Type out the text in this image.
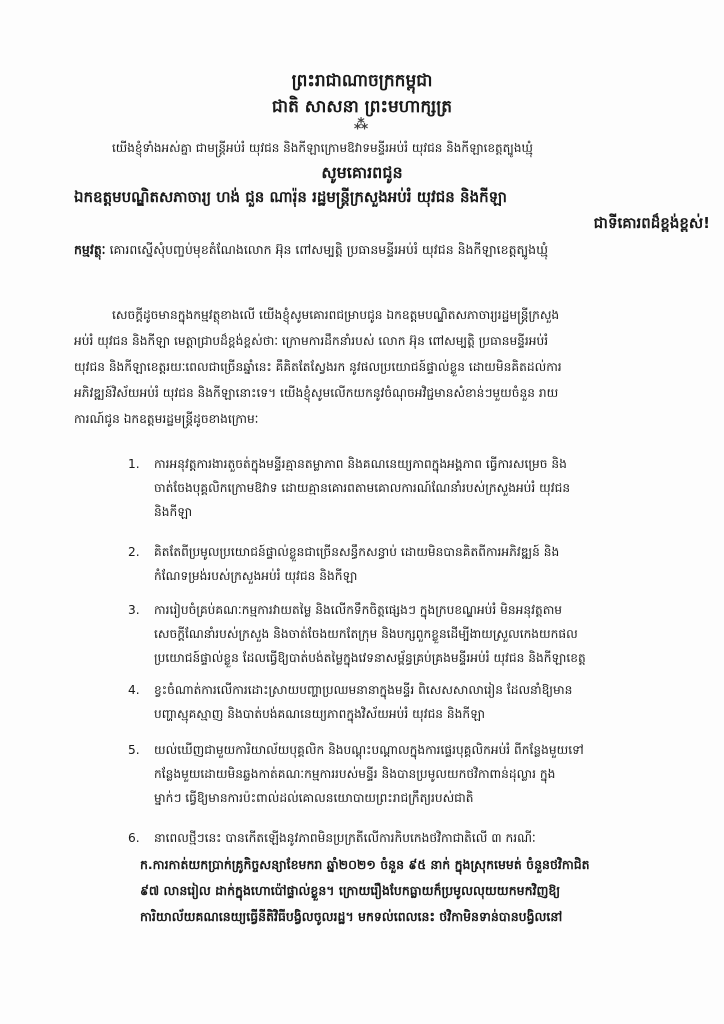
ព្រះរាជាណាចក្រកម្ពុជា
ជាតិ សាសនា ព្រះមហាក្សត្រ
⁂
យើងខ្ញុំទាំងអស់គ្នា ជាមន្ត្រីអប់រំ យុវជន និងកីឡាក្រោមឱវាទមន្ទីរអប់រំ យុវជន និងកីឡាខេត្តត្បូងឃ្មុំ
សូមគោរពជូន
ឯកឧត្តមបណ្ឌិតសភាចារ្យ ហង់ ជួន ណារ៉ុន រដ្ឋមន្ត្រីក្រសួងអប់រំ យុវជន និងកីឡា
ជាទីគោរពដ៏ខ្ពង់ខ្ពស់!
កម្មវត្ថុៈ គោរពស្នើសុំបញ្ចប់មុខតំណែងលោក អ៊ុន ពៅសម្បត្តិ ប្រធានមន្ទីរអប់រំ យុវជន និងកីឡាខេត្តត្បូងឃ្មុំ
សេចក្តីដូចមានក្នុងកម្មវត្ថុខាងលើ យើងខ្ញុំសូមគោរពជម្រាបជូន ឯកឧត្តមបណ្ឌិតសភាចារ្យរដ្ឋមន្ត្រីក្រសួង
អប់រំ យុវជន និងកីឡា មេត្តាជ្រាបដ៏ខ្ពង់ខ្ពស់ថាៈ ក្រោមការដឹកនាំរបស់ លោក អ៊ុន ពៅសម្បត្តិ ប្រធានមន្ទីរអប់រំ
យុវជន និងកីឡាខេត្តរយៈពេលជាច្រើនឆ្នាំនេះ គឺគិតតែស្វែងរក នូវផលប្រយោជន៍ផ្ទាល់ខ្លួន ដោយមិនគិតដល់ការ
អភិវឌ្ឍន៍វិស័យអប់រំ យុវជន និងកីឡានោះទេ។ យើងខ្ញុំសូមលើកយកនូវចំណុចអវិជ្ជមានសំខាន់ៗមួយចំនួន រាយ
ការណ៍ជូន ឯកឧត្តមរដ្ឋមន្ត្រីដូចខាងក្រោមៈ
1. ការអនុវត្តការងារតួចត់ក្នុងមន្ទីរគ្មានតម្លាភាព និងគណនេយ្យភាពក្នុងអង្គភាព ធ្វើការសម្រេច និង
ចាត់ចែងបុគ្គលិកក្រោមឱវាទ ដោយគ្មានគោរពតាមគោលការណ៍ណែនាំរបស់ក្រសួងអប់រំ យុវជន
និងកីឡា
2. គិតតែពីប្រមូលប្រយោជន៍ផ្ទាល់ខ្លួនជាច្រើនសន្ធឹកសន្ធាប់ ដោយមិនបានគិតពីការអភិវឌ្ឍន៍ និង
កំណែទម្រង់របស់ក្រសួងអប់រំ យុវជន និងកីឡា
3. ការរៀបចំគ្រប់គណៈកម្មការវាយតម្លៃ និងលើកទឹកចិត្តផ្សេងៗ ក្នុងក្របខណ្ឌអប់រំ មិនអនុវត្តតាម
សេចក្តីណែនាំរបស់ក្រសួង និងចាត់ចែងយកតែក្រុម និងបក្សពួកខ្លួនដើម្បីងាយស្រួលកេងយកផល
ប្រយោជន៍ផ្ទាល់ខ្លួន ដែលធ្វើឱ្យបាត់បង់តម្លៃក្នុងវេទនាសម្ព័ន្ធគ្រប់គ្រងមន្ទីរអប់រំ យុវជន និងកីឡាខេត្ត
4. ខ្វះចំណាត់ការលើការដោះស្រាយបញ្ហាប្រឈមនានាក្នុងមន្ទីរ ពិសេសសាលារៀន ដែលនាំឱ្យមាន
បញ្ហាស្មុគស្មាញ និងបាត់បង់គណនេយ្យភាពក្នុងវិស័យអប់រំ យុវជន និងកីឡា
5. យល់ឃើញជាមួយការិយាល័យបុគ្គលិក និងបណ្តុះបណ្តាលក្នុងការផ្ទេរបុគ្គលិកអប់រំ ពីកន្លែងមួយទៅ
កន្លែងមួយដោយមិនឆ្លងកាត់គណៈកម្មការរបស់មន្ទីរ និងបានប្រមូលយកថវិកាពាន់ដុល្លារ ក្នុង
ម្នាក់ៗ ធ្វើឱ្យមានការប៉ះពាល់ដល់គោលនយោបាយព្រះរាជក្រឹត្យរបស់ជាតិ
6. នាពេលថ្មីៗនេះ បានកើតឡើងនូវភាពមិនប្រក្រតីលើការកិបកេងថវិកាជាតិលើ ៣ ករណីៈ
ក.ការកាត់យកប្រាក់គ្រូកិច្ចសន្យាខែមករា ឆ្នាំ២០២១ ចំនួន ៩៥ នាក់ ក្នុងស្រុកមេមត់ ចំនួនថវិកាជិត
៩៧ លានរៀល ដាក់ក្នុងហោប៉ៅផ្ទាល់ខ្លួន។ ក្រោយរឿងបែកធ្លាយក៏ប្រមូលលុយយកមកវិញឱ្យ
ការិយាល័យគណនេយ្យធ្វើនីតិវិធីបង្វិលចូលរដ្ឋ។ មកទល់ពេលនេះ ថវិកាមិនទាន់បានបង្វិលនៅ
